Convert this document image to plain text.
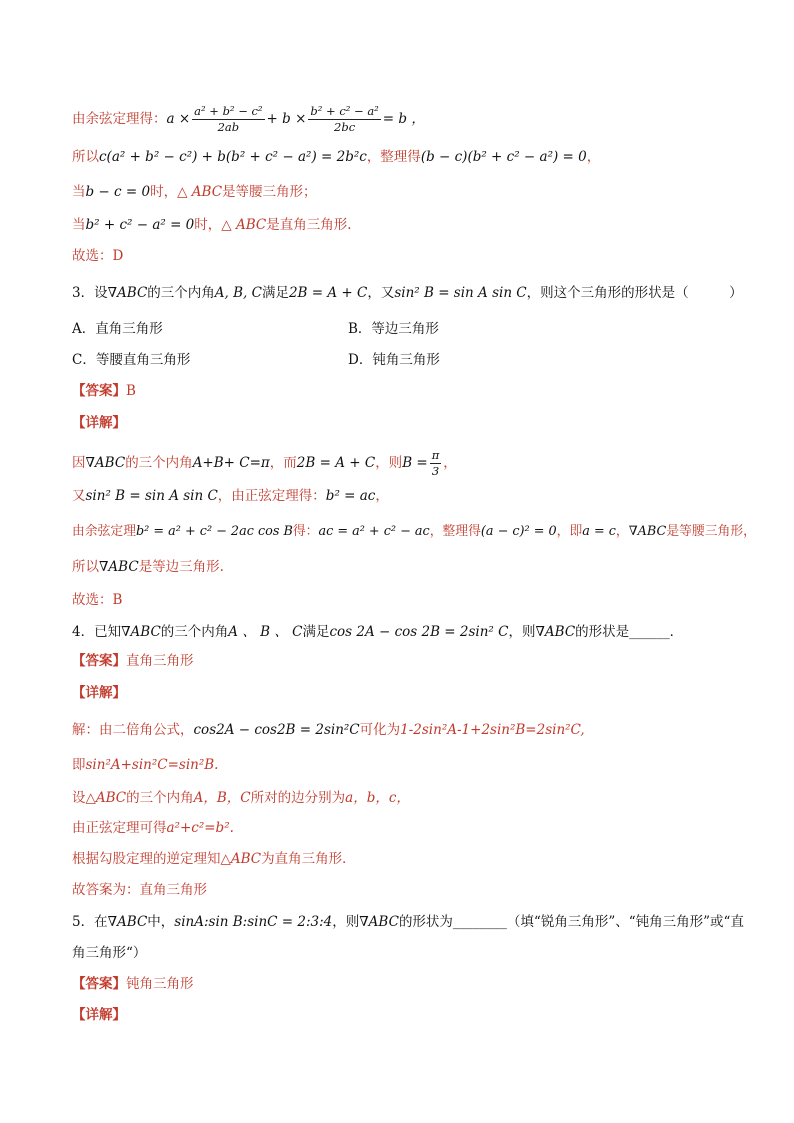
由余弦定理得：$a \times \frac{\text{a² + b² − c²}}{2ab} + b \times \frac{\text{b² + c² − a²}}{2bc} = b$ ，
所以c(a² + b² − c²) + b(b² + c² − a²) = 2b²c，整理得(b − c)(b² + c² − a²) = 0，
当b − c = 0时，△ ABC是等腰三角形；
当b² + c² − a² = 0时，△ ABC是直角三角形.
故选：D
3．设∇ABC的三个内角A, B, C满足2B = A + C，又sin² B = sin A sin C，则这个三角形的形状是（　　　）
A．直角三角形	B．等边三角形
C．等腰直角三角形	D．钝角三角形
【答案】B
【详解】
因∇ABC的三个内角A+B+ C=π，而2B = A + C，则$B = \frac{\pi}{3}$ ，
又sin² B = sin A sin C，由正弦定理得：b² = ac，
由余弦定理b² = a² + c² − 2ac cos B得：ac = a² + c² − ac，整理得(a − c)² = 0，即a = c，∇ABC是等腰三角形，
所以∇ABC是等边三角形.
故选：B
4．已知∇ABC的三个内角A 、 B 、 C满足cos 2A − cos 2B = 2sin² C，则∇ABC的形状是______．
【答案】直角三角形
【详解】
解：由二倍角公式，cos2A − cos2B = 2sin²C可化为1-2sin²A-1+2sin²B=2sin²C,
即sin²A+sin²C=sin²B.
设△ABC的三个内角A，B，C所对的边分别为a，b，c，
由正弦定理可得a²+c²=b².
根据勾股定理的逆定理知△ABC为直角三角形．
故答案为：直角三角形
5．在∇ABC中，sinA:sin B:sinC = 2:3:4，则∇ABC的形状为________（填“锐角三角形”、“钝角三角形”或“直
角三角形“）
【答案】钝角三角形
【详解】
